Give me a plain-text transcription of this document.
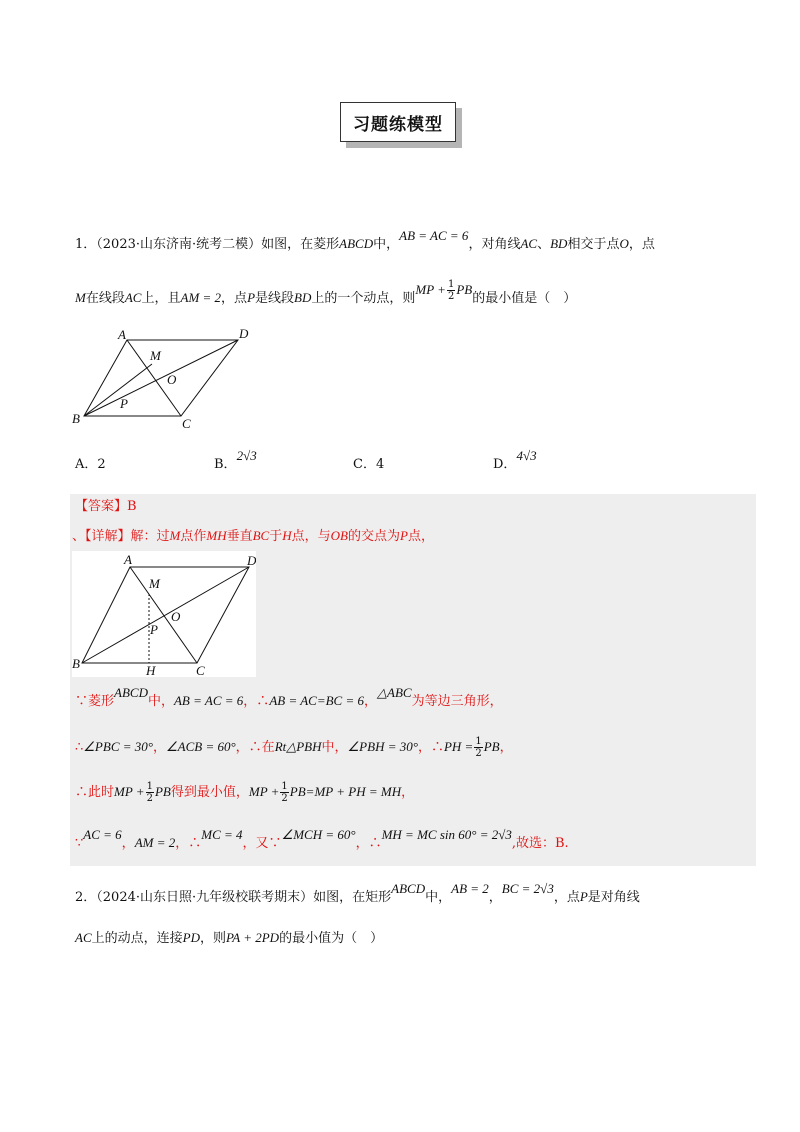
习题练模型
1．（2023·山东济南·统考二模）如图，在菱形ABCD中，AB = AC = 6，对角线AC、BD相交于点O，点
M在线段AC上，且AM = 2，点P是线段BD上的一个动点，则MP + $\frac{1}{2}$ PB的最小值是（　）
A	D
M
O
P
B	C
A．2	B．2√3
C．4	D．4√3
【答案】B
、【详解】解：过M点作MH垂直BC于H点，与OB的交点为P点，
A	D
M
O
P
B	H	C
∵菱形ABCD中，AB = AC = 6，∴AB = AC=BC = 6，△ABC为等边三角形，
∴∠PBC = 30°，∠ACB = 60°，∴在Rt△PBH中，∠PBH = 30°，∴PH = $\frac{1}{2}$ PB，
∴此时MP + $\frac{1}{2}$ PB得到最小值，MP + $\frac{1}{2} PB=MP$ + PH = MH，
∵AC = 6，AM = 2，∴MC = 4，又∵∠MCH = 60°，∴MH = MC sin 60° = 2√3,故选：B.
2．（2024·山东日照·九年级校联考期末）如图，在矩形ABCD中，AB = 2，BC = 2√3，点P是对角线
AC上的动点，连接PD，则PA + 2PD的最小值为（　）
